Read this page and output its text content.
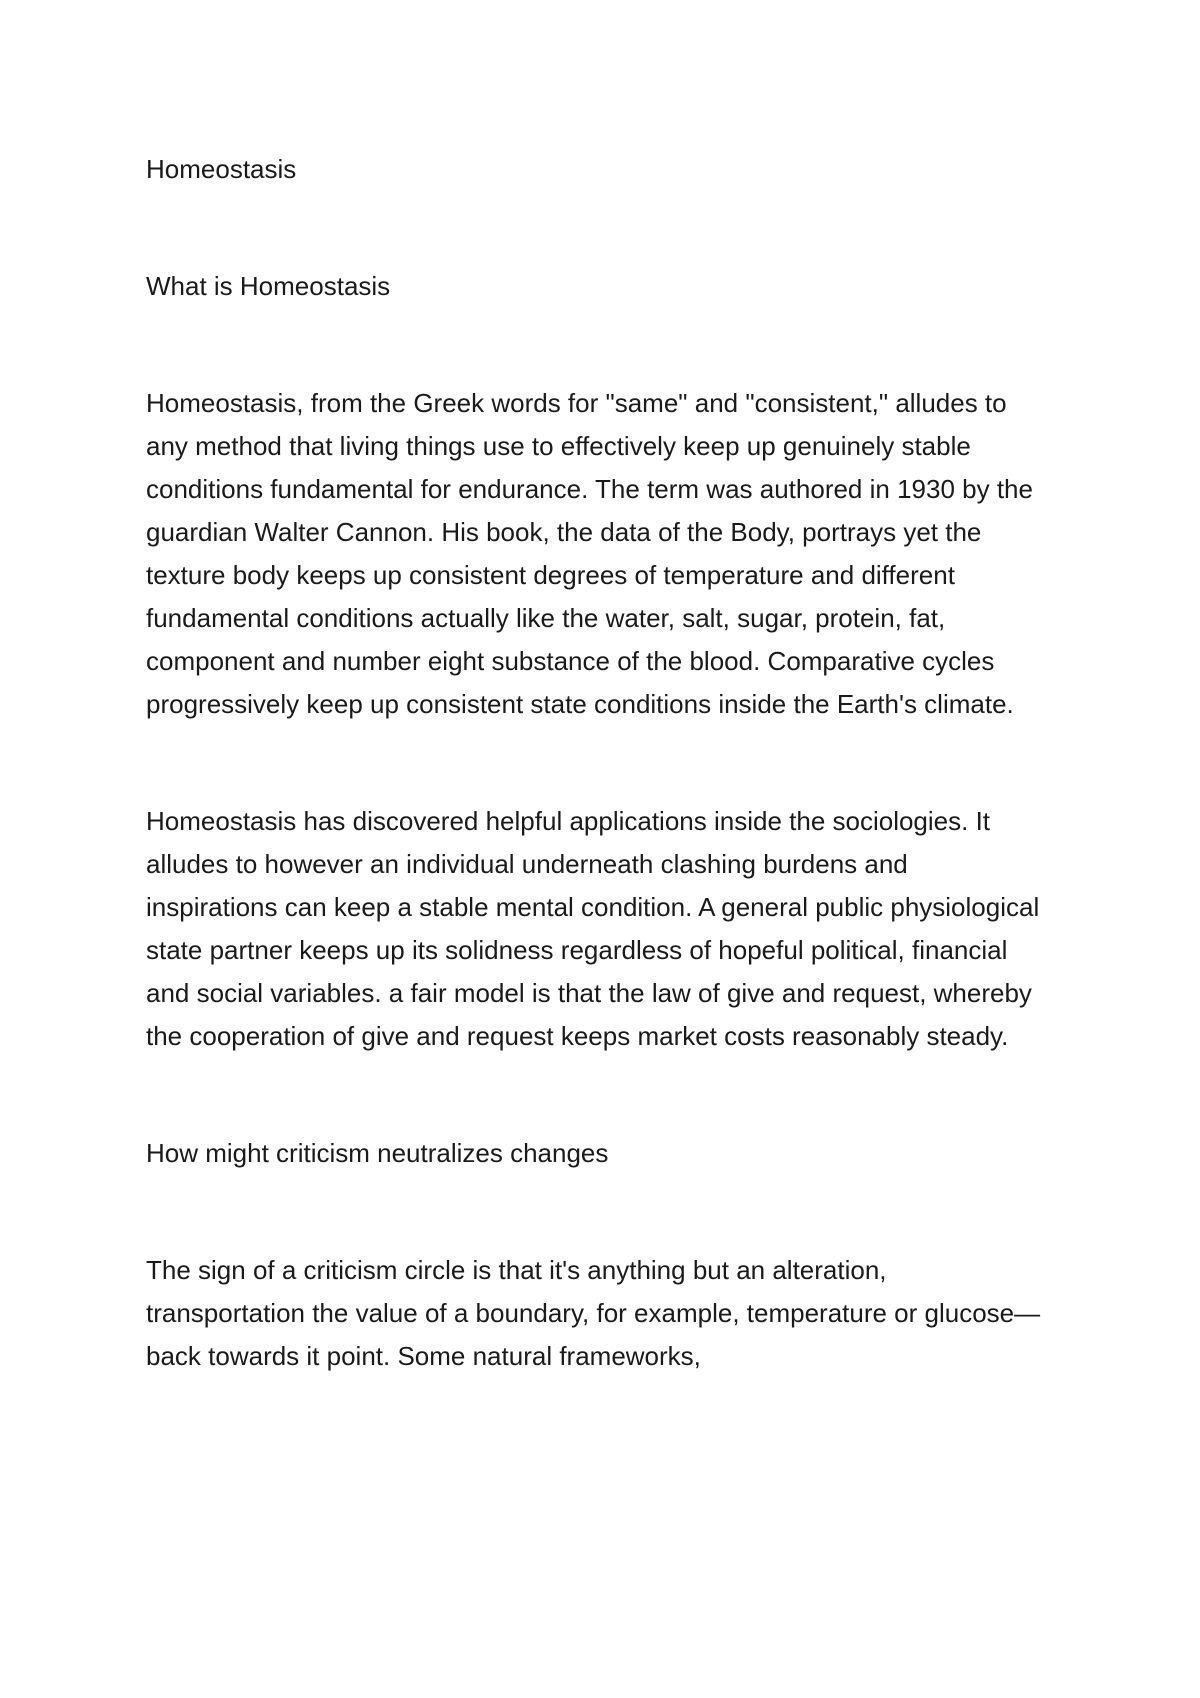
Homeostasis

What is Homeostasis

Homeostasis, from the Greek words for "same" and "consistent," alludes to any method that living things use to effectively keep up genuinely stable conditions fundamental for endurance. The term was authored in 1930 by the guardian Walter Cannon. His book, the data of the Body, portrays yet the texture body keeps up consistent degrees of temperature and different fundamental conditions actually like the water, salt, sugar, protein, fat, component and number eight substance of the blood. Comparative cycles progressively keep up consistent state conditions inside the Earth's climate.

Homeostasis has discovered helpful applications inside the sociologies. It alludes to however an individual underneath clashing burdens and inspirations can keep a stable mental condition. A general public physiological state partner keeps up its solidness regardless of hopeful political, financial and social variables. a fair model is that the law of give and request, whereby the cooperation of give and request keeps market costs reasonably steady.

How might criticism neutralizes changes

The sign of a criticism circle is that it's anything but an alteration, transportation the value of a boundary, for example, temperature or glucose—back towards it point. Some natural frameworks,
